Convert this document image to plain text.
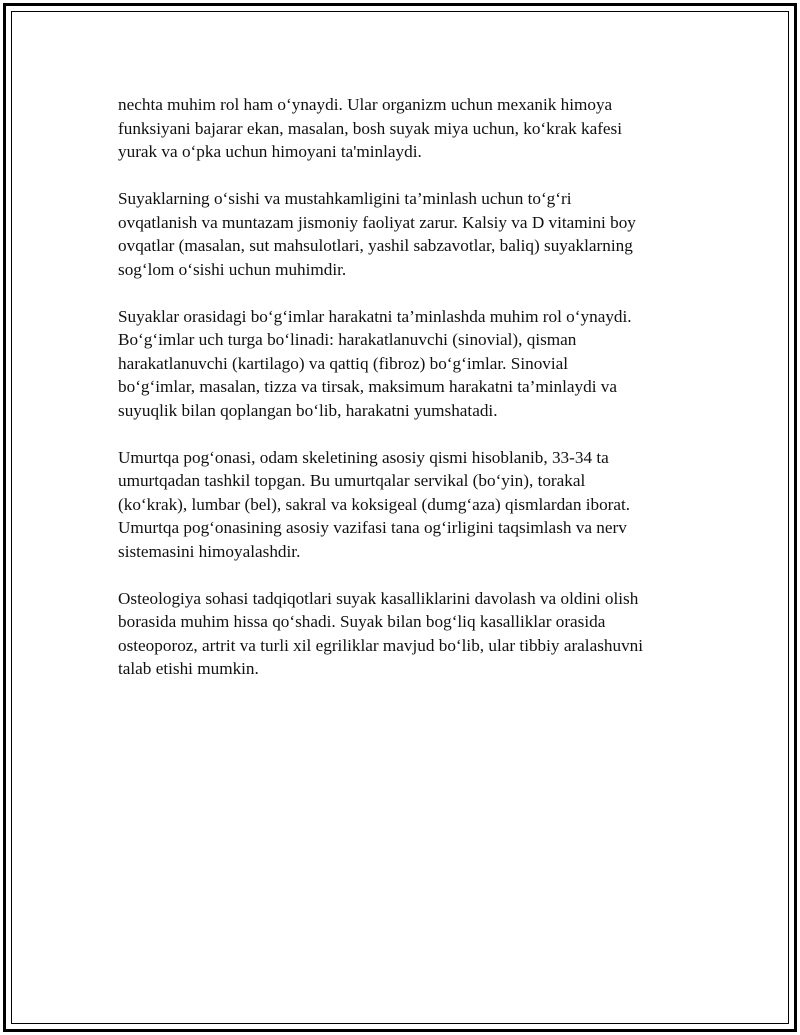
nechta muhim rol ham o‘ynaydi. Ular organizm uchun mexanik himoya
funksiyani bajarar ekan, masalan, bosh suyak miya uchun, ko‘krak kafesi
yurak va o‘pka uchun himoyani ta'minlaydi.

Suyaklarning o‘sishi va mustahkamligini ta’minlash uchun to‘g‘ri
ovqatlanish va muntazam jismoniy faoliyat zarur. Kalsiy va D vitamini boy
ovqatlar (masalan, sut mahsulotlari, yashil sabzavotlar, baliq) suyaklarning
sog‘lom o‘sishi uchun muhimdir.

Suyaklar orasidagi bo‘g‘imlar harakatni ta’minlashda muhim rol o‘ynaydi.
Bo‘g‘imlar uch turga bo‘linadi: harakatlanuvchi (sinovial), qisman
harakatlanuvchi (kartilago) va qattiq (fibroz) bo‘g‘imlar. Sinovial
bo‘g‘imlar, masalan, tizza va tirsak, maksimum harakatni ta’minlaydi va
suyuqlik bilan qoplangan bo‘lib, harakatni yumshatadi.

Umurtqa pog‘onasi, odam skeletining asosiy qismi hisoblanib, 33-34 ta
umurtqadan tashkil topgan. Bu umurtqalar servikal (bo‘yin), torakal
(ko‘krak), lumbar (bel), sakral va koksigeal (dumg‘aza) qismlardan iborat.
Umurtqa pog‘onasining asosiy vazifasi tana og‘irligini taqsimlash va nerv
sistemasini himoyalashdir.

Osteologiya sohasi tadqiqotlari suyak kasalliklarini davolash va oldini olish
borasida muhim hissa qo‘shadi. Suyak bilan bog‘liq kasalliklar orasida
osteoporoz, artrit va turli xil egriliklar mavjud bo‘lib, ular tibbiy aralashuvni
talab etishi mumkin.
